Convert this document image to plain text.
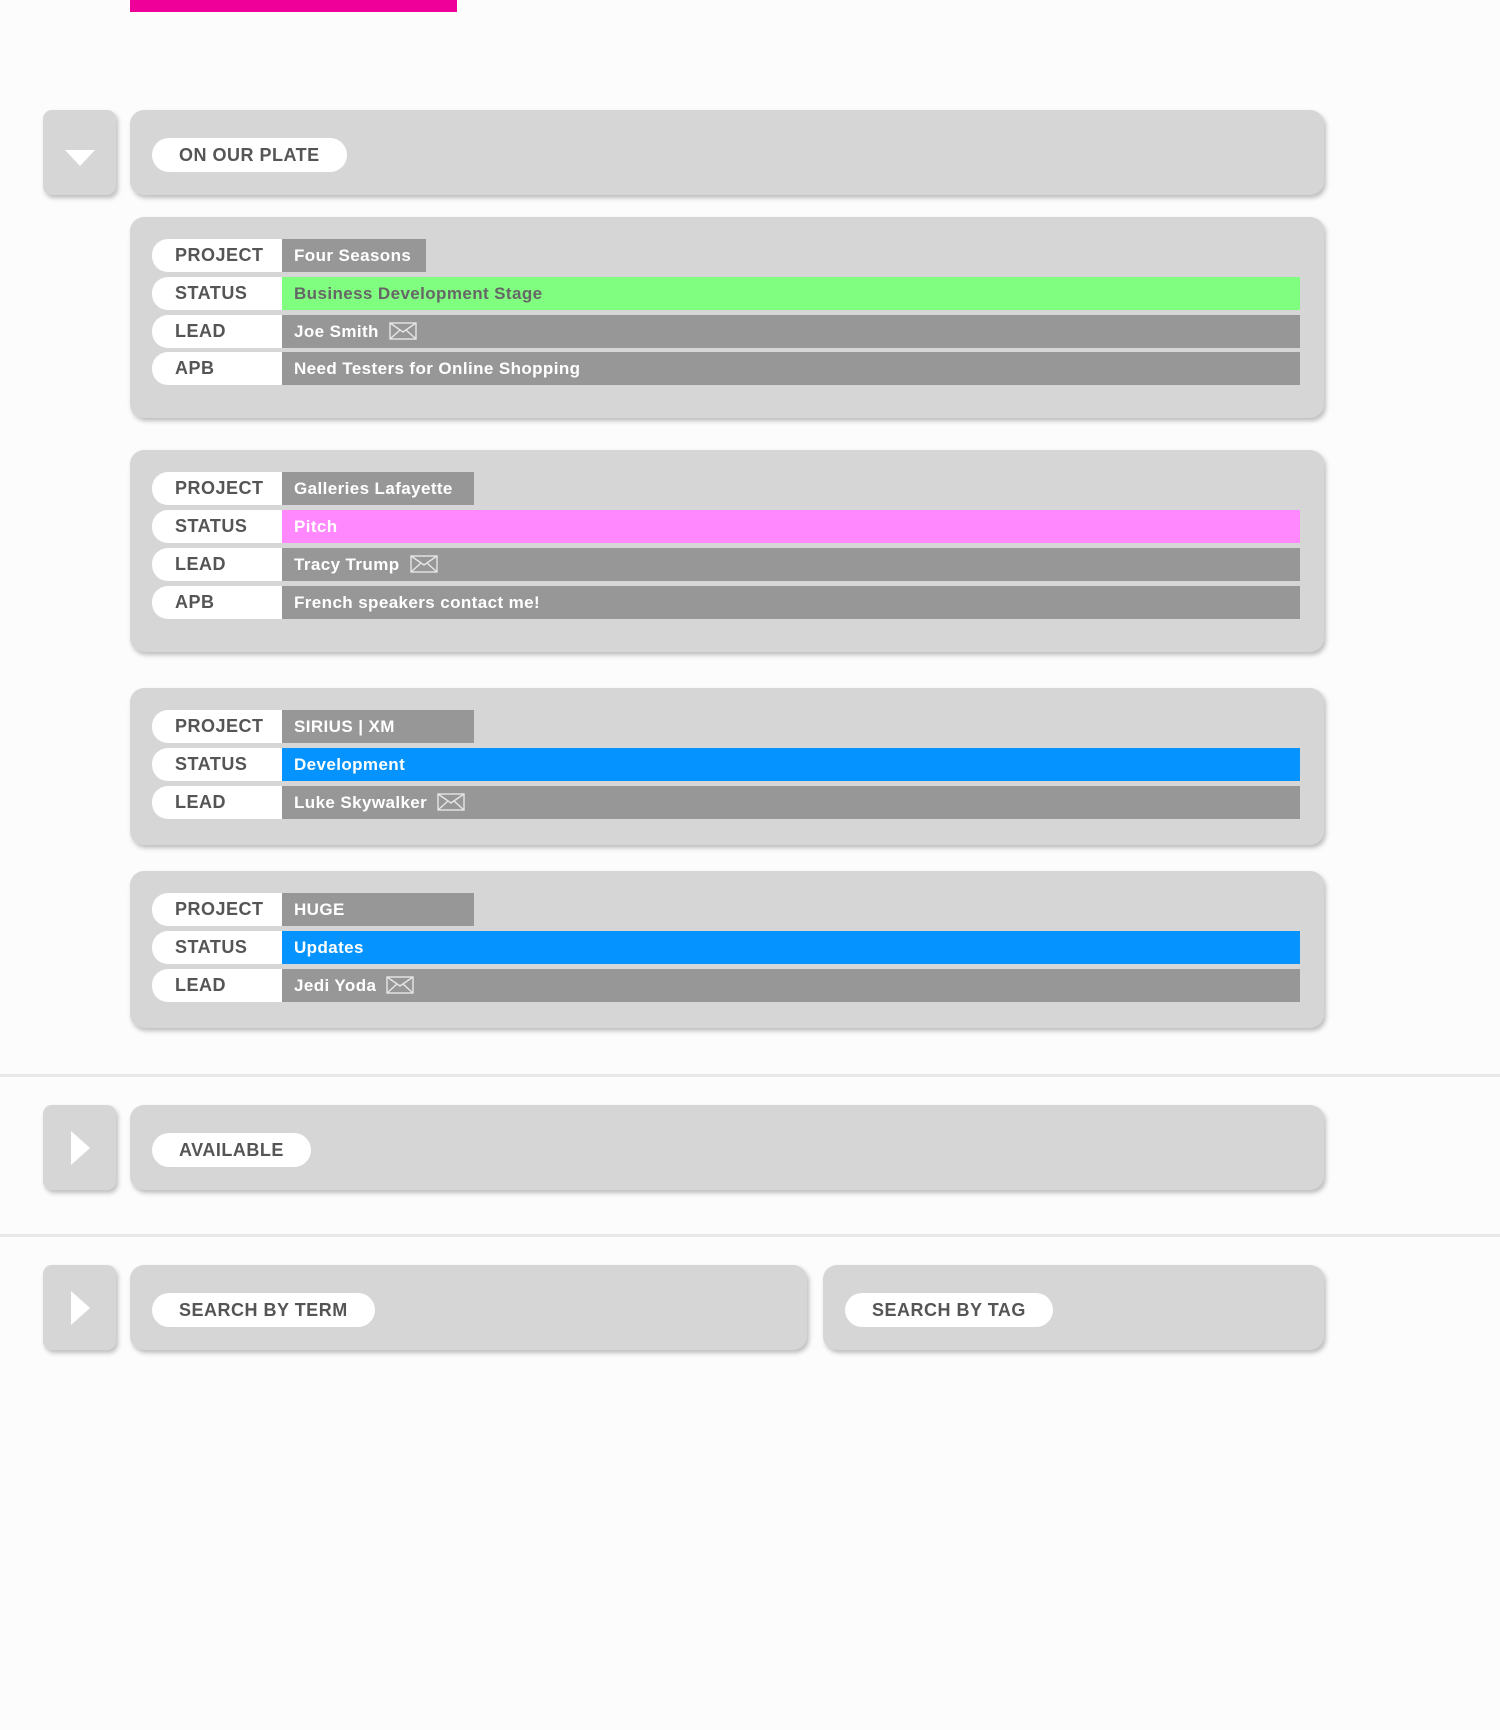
ON OUR PLATE
PROJECT	Four Seasons
STATUS	Business Development Stage
LEAD	Joe Smith
APB	Need Testers for Online Shopping
PROJECT	Galleries Lafayette
STATUS	Pitch
LEAD	Tracy Trump
APB	French speakers contact me!
PROJECT	SIRIUS | XM
STATUS	Development
LEAD	Luke Skywalker
PROJECT	HUGE
STATUS	Updates
LEAD	Jedi Yoda
AVAILABLE
SEARCH BY TERM	SEARCH BY TAG
